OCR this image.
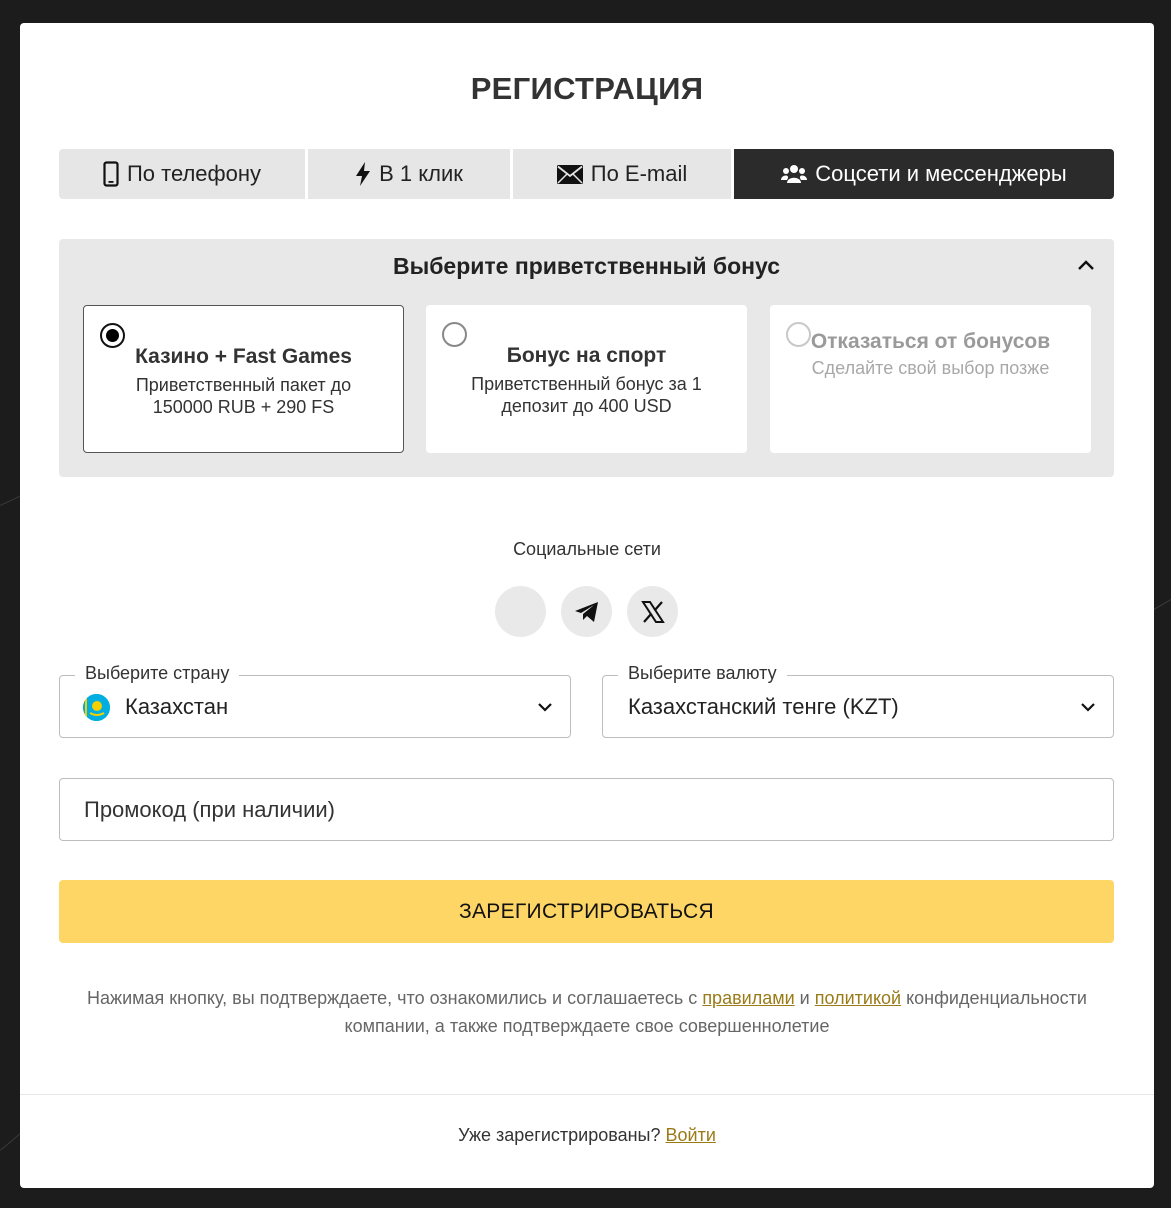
РЕГИСТРАЦИЯ
По телефону	В 1 клик	По E-mail	Соцсети и мессенджеры
Выберите приветственный бонус
Казино + Fast Games
Приветственный пакет до 150000 RUB + 290 FS
Бонус на спорт
Приветственный бонус за 1 депозит до 400 USD
Отказаться от бонусов
Сделайте свой выбор позже
Социальные сети
Выберите страну
Казахстан
Выберите валюту
Казахстанский тенге (KZT)
Промокод (при наличии)
ЗАРЕГИСТРИРОВАТЬСЯ
Нажимая кнопку, вы подтверждаете, что ознакомились и соглашаетесь с правилами и политикой конфиденциальности компании, а также подтверждаете свое совершеннолетие
Уже зарегистрированы? Войти
